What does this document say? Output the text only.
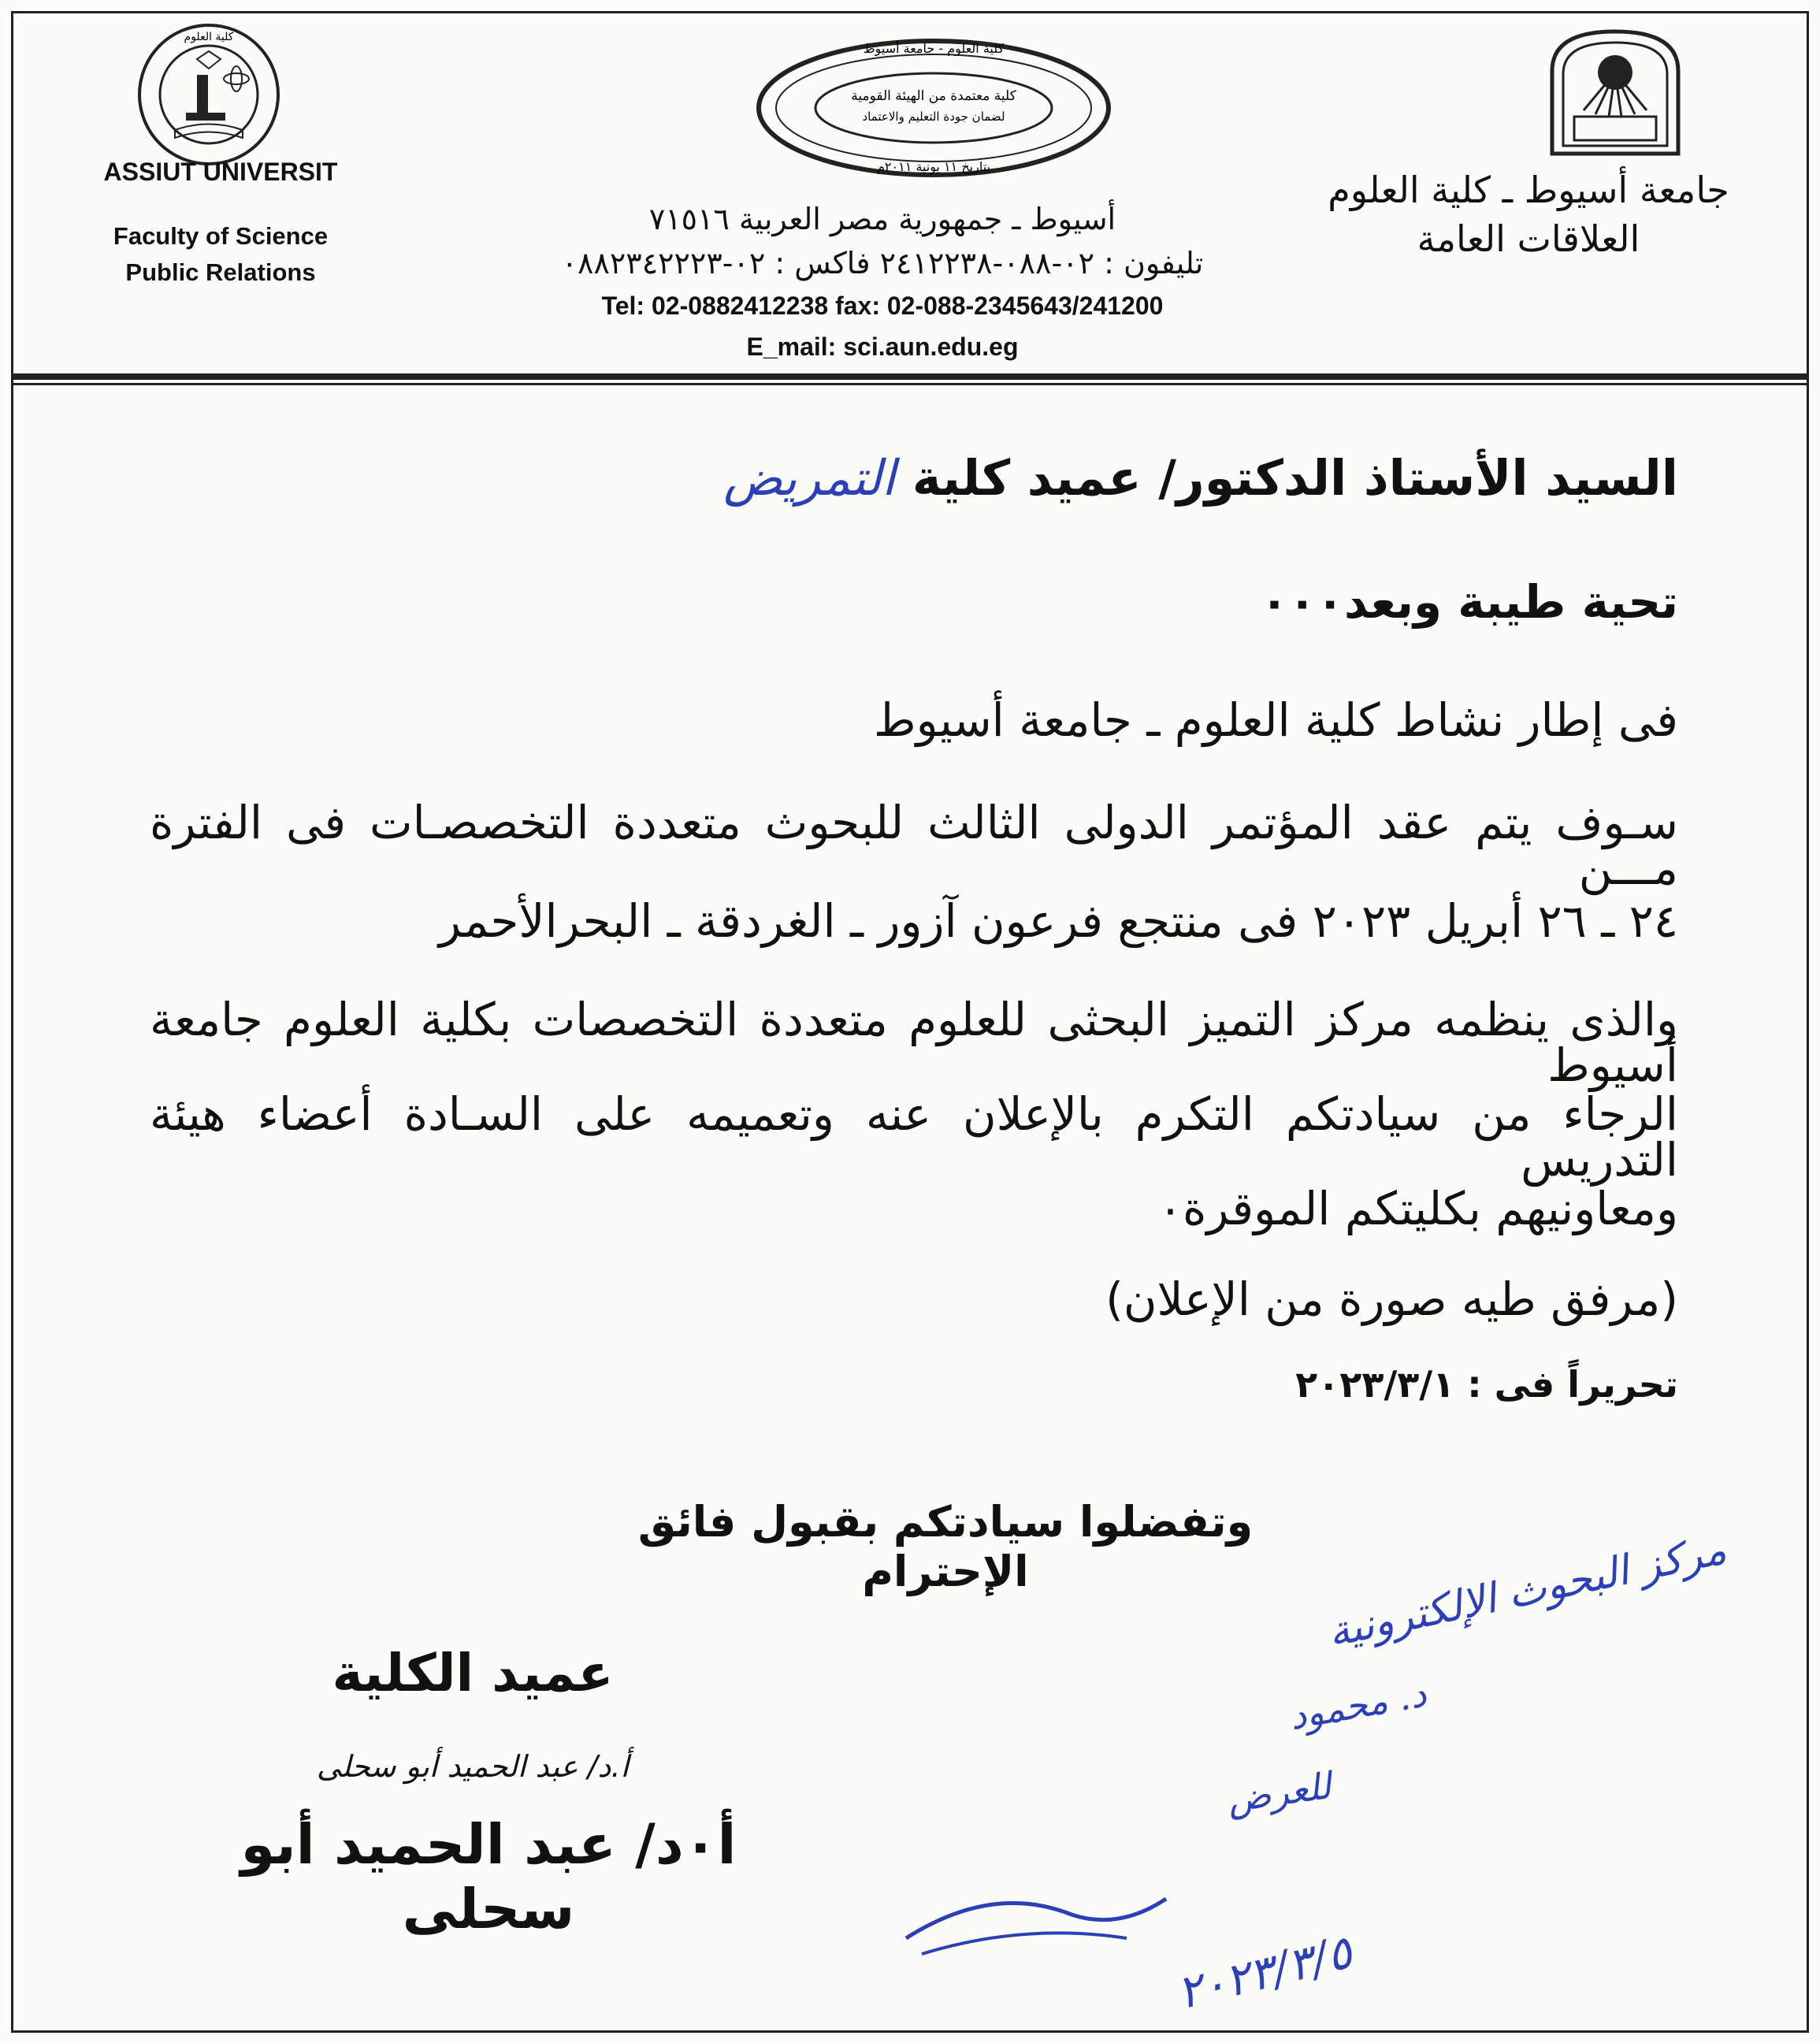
كلية العلوم - جامعة أسيوط
كلية معتمدة من الهيئة القومية
لضمان جودة التعليم والاعتماد
بتاريخ ١١ يونية ٢٠١١م
كلية العلوم
جامعة أسيوط ـ كلية العلوم
العلاقات العامة
ASSIUT UNIVERSIT
Faculty of Science
Public Relations
أسيوط ـ جمهورية مصر العربية ٧١٥١٦
تليفون : ٠٢-٠٨٨-٢٤١٢٢٣٨ فاكس : ٠٢-٠٨٨٢٣٤٢٢٢٣
Tel: 02-0882412238 fax: 02-088-2345643/241200
E_mail: sci.aun.edu.eg
السيد الأستاذ الدكتور/ عميد كلية التمريض
تحية طيبة وبعد٠٠٠
فى إطار نشاط كلية العلوم ـ جامعة أسيوط
سـوف يتم عقد المؤتمر الدولى الثالث للبحوث متعددة التخصصـات فى الفترة مـــن
٢٤ ـ ٢٦ أبريل ٢٠٢٣ فى منتجع فرعون آزور ـ الغردقة ـ البحرالأحمر
والذى ينظمه مركز التميز البحثى للعلوم متعددة التخصصات بكلية العلوم جامعة أسيوط
الرجاء من سيادتكم التكرم بالإعلان عنه وتعميمه على السـادة أعضاء هيئة التدريس
ومعاونيهم بكليتكم الموقرة٠
(مرفق طيه صورة من الإعلان)
تحريراً فى : ٢٠٢٣/٣/١
وتفضلوا سيادتكم بقبول فائق الإحترام
عميد الكلية
أ.د/ عبد الحميد أبو سحلى
أ٠د/ عبد الحميد أبو سحلى
مركز البحوث الإلكترونية
د. محمود
للعرض
٢٠٢٣/٣/٥
